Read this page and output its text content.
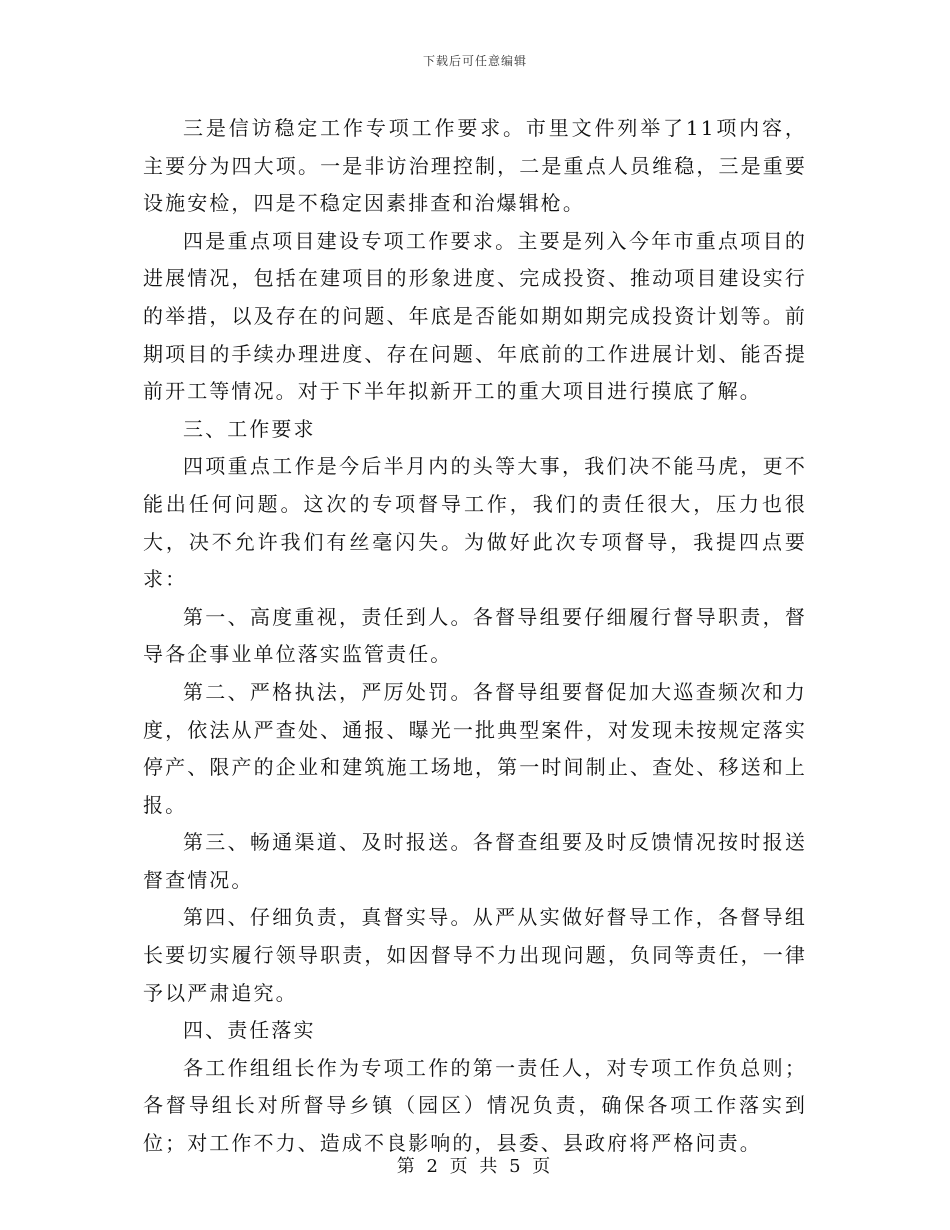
下载后可任意编辑

三是信访稳定工作专项工作要求。市里文件列举了11项内容，主要分为四大项。一是非访治理控制，二是重点人员维稳，三是重要设施安检，四是不稳定因素排查和治爆辑枪。

四是重点项目建设专项工作要求。主要是列入今年市重点项目的进展情况，包括在建项目的形象进度、完成投资、推动项目建设实行的举措，以及存在的问题、年底是否能如期如期完成投资计划等。前期项目的手续办理进度、存在问题、年底前的工作进展计划、能否提前开工等情况。对于下半年拟新开工的重大项目进行摸底了解。

三、工作要求

四项重点工作是今后半月内的头等大事，我们决不能马虎，更不能出任何问题。这次的专项督导工作，我们的责任很大，压力也很大，决不允许我们有丝毫闪失。为做好此次专项督导，我提四点要求：

第一、高度重视，责任到人。各督导组要仔细履行督导职责，督导各企事业单位落实监管责任。

第二、严格执法，严厉处罚。各督导组要督促加大巡查频次和力度，依法从严查处、通报、曝光一批典型案件，对发现未按规定落实停产、限产的企业和建筑施工场地，第一时间制止、查处、移送和上报。

第三、畅通渠道、及时报送。各督查组要及时反馈情况按时报送督查情况。

第四、仔细负责，真督实导。从严从实做好督导工作，各督导组长要切实履行领导职责，如因督导不力出现问题，负同等责任，一律予以严肃追究。

四、责任落实

各工作组组长作为专项工作的第一责任人，对专项工作负总则；各督导组长对所督导乡镇（园区）情况负责，确保各项工作落实到位；对工作不力、造成不良影响的，县委、县政府将严格问责。

第 2 页 共 5 页
